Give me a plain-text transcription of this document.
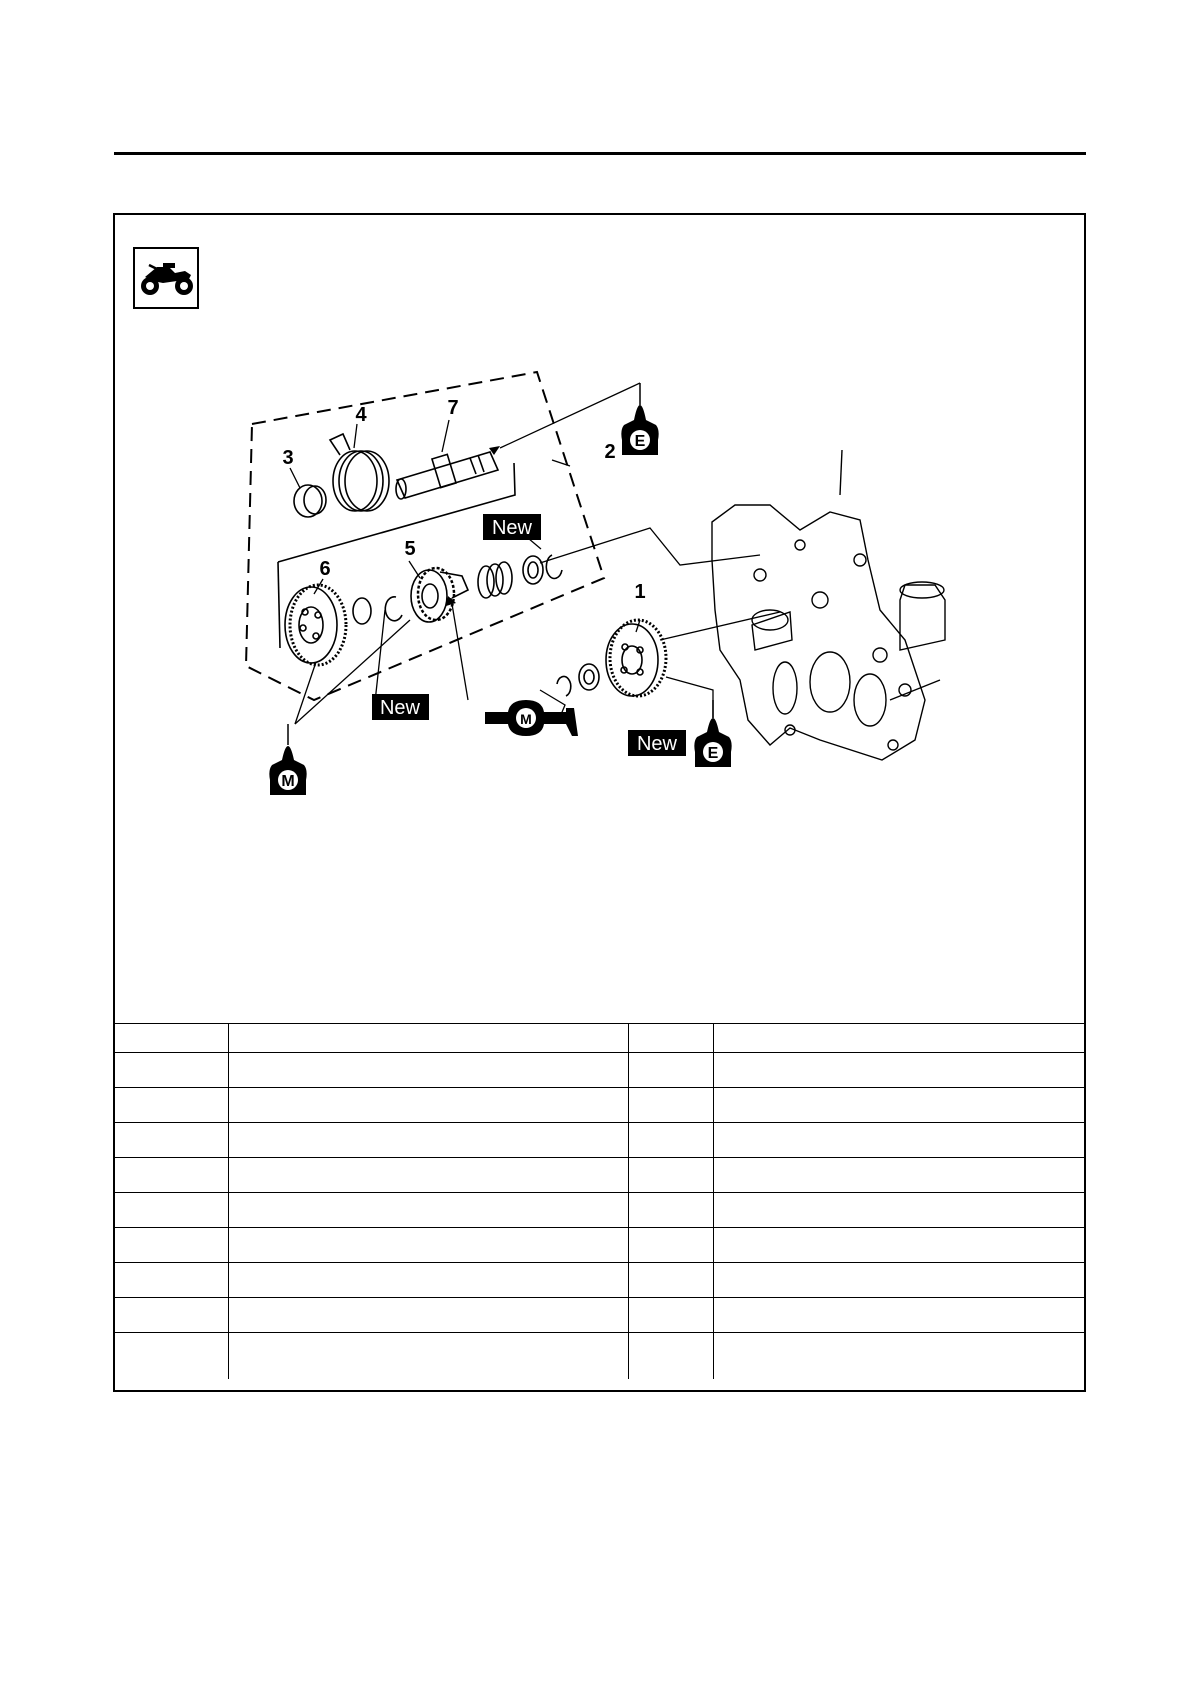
E
E
M
M
New
New
New
1
2
3
4
5
6
7
